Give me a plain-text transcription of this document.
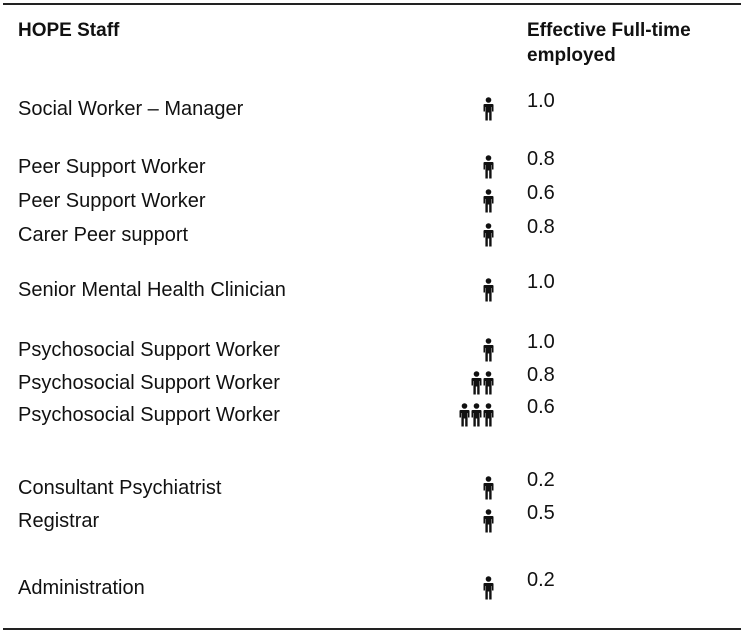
HOPE Staff	Effective Full-time employed
Social Worker – Manager	1.0
Peer Support Worker	0.8
Peer Support Worker	0.6
Carer Peer support	0.8
Senior Mental Health Clinician	1.0
Psychosocial Support Worker	1.0
Psychosocial Support Worker	0.8
Psychosocial Support Worker	0.6
Consultant Psychiatrist	0.2
Registrar	0.5
Administration	0.2
